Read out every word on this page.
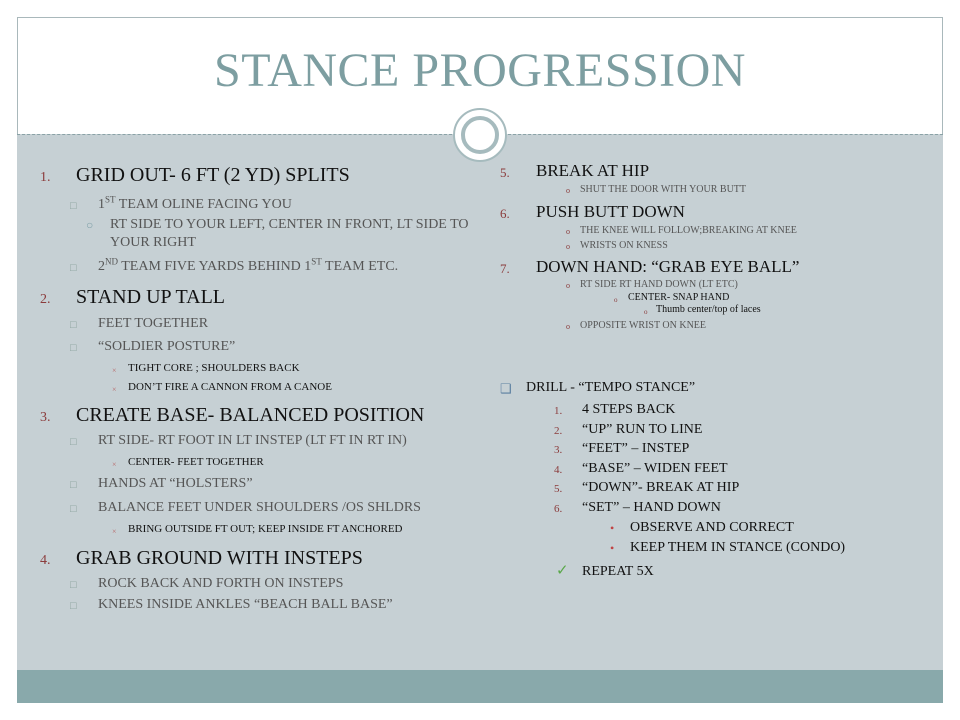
STANCE PROGRESSION
1. GRID OUT- 6 FT (2 YD) SPLITS
□ 1ST TEAM OLINE FACING YOU
○ RT SIDE TO YOUR LEFT, CENTER IN FRONT, LT SIDE TO YOUR RIGHT
□ 2ND TEAM FIVE YARDS BEHIND 1ST TEAM ETC.
2. STAND UP TALL
□ FEET TOGETHER
□ “SOLDIER POSTURE”
× TIGHT CORE ; SHOULDERS BACK
× DON’T FIRE A CANNON FROM A CANOE
3. CREATE BASE- BALANCED POSITION
□ RT SIDE- RT FOOT IN LT INSTEP (LT FT IN RT IN)
× CENTER- FEET TOGETHER
□ HANDS AT “HOLSTERS”
□ BALANCE FEET UNDER SHOULDERS /OS SHLDRS
× BRING OUTSIDE FT OUT; KEEP INSIDE FT ANCHORED
4. GRAB GROUND WITH INSTEPS
□ ROCK BACK AND FORTH ON INSTEPS
□ KNEES INSIDE ANKLES “BEACH BALL BASE”
5. BREAK AT HIP
o SHUT THE DOOR WITH YOUR BUTT
6. PUSH BUTT DOWN
o THE KNEE WILL FOLLOW;BREAKING AT KNEE
o WRISTS ON KNESS
7. DOWN HAND: “GRAB EYE BALL”
o RT SIDE RT HAND DOWN (LT ETC)
o CENTER- SNAP HAND
o Thumb center/top of laces
o OPPOSITE WRIST ON KNEE
❑ DRILL - “TEMPO STANCE”
1. 4 STEPS BACK
2. “UP” RUN TO LINE
3. “FEET” – INSTEP
4. “BASE” – WIDEN FEET
5. “DOWN”- BREAK AT HIP
6. “SET” – HAND DOWN
• OBSERVE AND CORRECT
• KEEP THEM IN STANCE (CONDO)
✓ REPEAT 5X
